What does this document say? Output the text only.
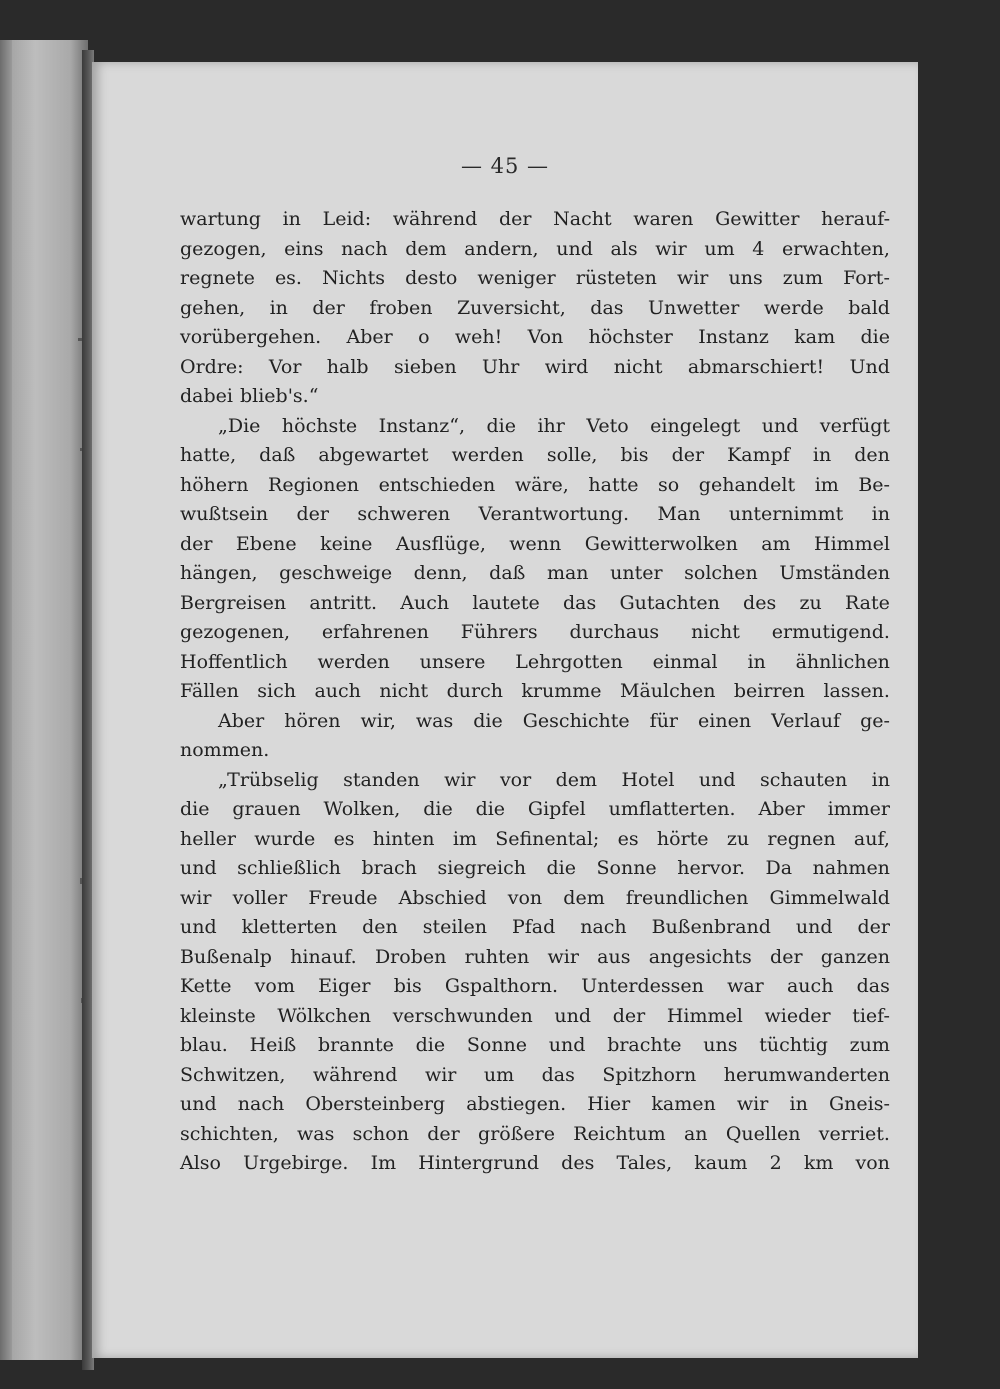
— 45 —
wartung in Leid: während der Nacht waren Gewitter herauf-
gezogen, eins nach dem andern, und als wir um 4 erwachten,
regnete es. Nichts desto weniger rüsteten wir uns zum Fort-
gehen, in der froben Zuversicht, das Unwetter werde bald
vorübergehen. Aber o weh! Von höchster Instanz kam die
Ordre: Vor halb sieben Uhr wird nicht abmarschiert! Und
dabei blieb's.“
„Die höchste Instanz“, die ihr Veto eingelegt und verfügt
hatte, daß abgewartet werden solle, bis der Kampf in den
höhern Regionen entschieden wäre, hatte so gehandelt im Be-
wußtsein der schweren Verantwortung. Man unternimmt in
der Ebene keine Ausflüge, wenn Gewitterwolken am Himmel
hängen, geschweige denn, daß man unter solchen Umständen
Bergreisen antritt. Auch lautete das Gutachten des zu Rate
gezogenen, erfahrenen Führers durchaus nicht ermutigend.
Hoffentlich werden unsere Lehrgotten einmal in ähnlichen
Fällen sich auch nicht durch krumme Mäulchen beirren lassen.
Aber hören wir, was die Geschichte für einen Verlauf ge-
nommen.
„Trübselig standen wir vor dem Hotel und schauten in
die grauen Wolken, die die Gipfel umflatterten. Aber immer
heller wurde es hinten im Sefinental; es hörte zu regnen auf,
und schließlich brach siegreich die Sonne hervor. Da nahmen
wir voller Freude Abschied von dem freundlichen Gimmelwald
und kletterten den steilen Pfad nach Bußenbrand und der
Bußenalp hinauf. Droben ruhten wir aus angesichts der ganzen
Kette vom Eiger bis Gspalthorn. Unterdessen war auch das
kleinste Wölkchen verschwunden und der Himmel wieder tief-
blau. Heiß brannte die Sonne und brachte uns tüchtig zum
Schwitzen, während wir um das Spitzhorn herumwanderten
und nach Obersteinberg abstiegen. Hier kamen wir in Gneis-
schichten, was schon der größere Reichtum an Quellen verriet.
Also Urgebirge. Im Hintergrund des Tales, kaum 2 km von
